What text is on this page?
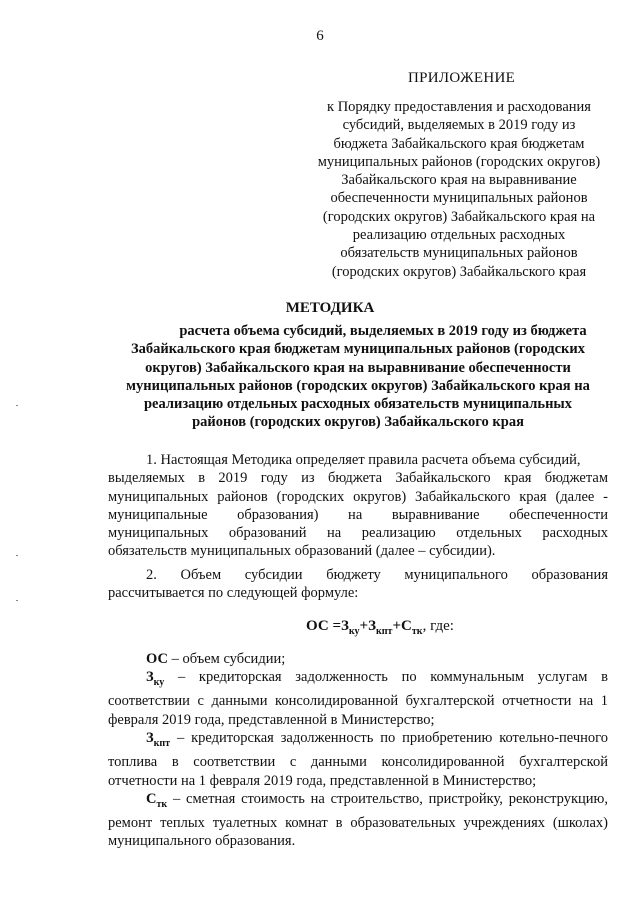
6
ПРИЛОЖЕНИЕ
к Порядку предоставления и расходования
субсидий, выделяемых в 2019 году из
бюджета Забайкальского края бюджетам
муниципальных районов (городских округов)
Забайкальского края на выравнивание
обеспеченности муниципальных районов
(городских округов) Забайкальского края на
реализацию отдельных расходных
обязательств муниципальных районов
(городских округов) Забайкальского края
МЕТОДИКА
расчета объема субсидий, выделяемых в 2019 году из бюджета
Забайкальского края бюджетам муниципальных районов (городских
округов) Забайкальского края на выравнивание обеспеченности
муниципальных районов (городских округов) Забайкальского края на
реализацию отдельных расходных обязательств муниципальных
районов (городских округов) Забайкальского края
1. Настоящая Методика определяет правила расчета объема субсидий,
выделяемых в 2019 году из бюджета Забайкальского края бюджетам
муниципальных районов (городских округов) Забайкальского края (далее -
муниципальные образования) на выравнивание обеспеченности
муниципальных образований на реализацию отдельных расходных
обязательств муниципальных образований (далее – субсидии).
2. Объем субсидии бюджету муниципального образования
рассчитывается по следующей формуле:
ОС $=З_{ку}+З_{кпт}+С_{тк}$, где:
ОС – объем субсидии;
$З_{ку}$ – кредиторская задолженность по коммунальным услугам в
соответствии с данными консолидированной бухгалтерской отчетности на 1
февраля 2019 года, представленной в Министерство;
$З_{кпт}$ – кредиторская задолженность по приобретению котельно-печного
топлива в соответствии с данными консолидированной бухгалтерской
отчетности на 1 февраля 2019 года, представленной в Министерство;
$С_{тк}$ – сметная стоимость на строительство, пристройку, реконструкцию,
ремонт теплых туалетных комнат в образовательных учреждениях (школах)
муниципального образования.
